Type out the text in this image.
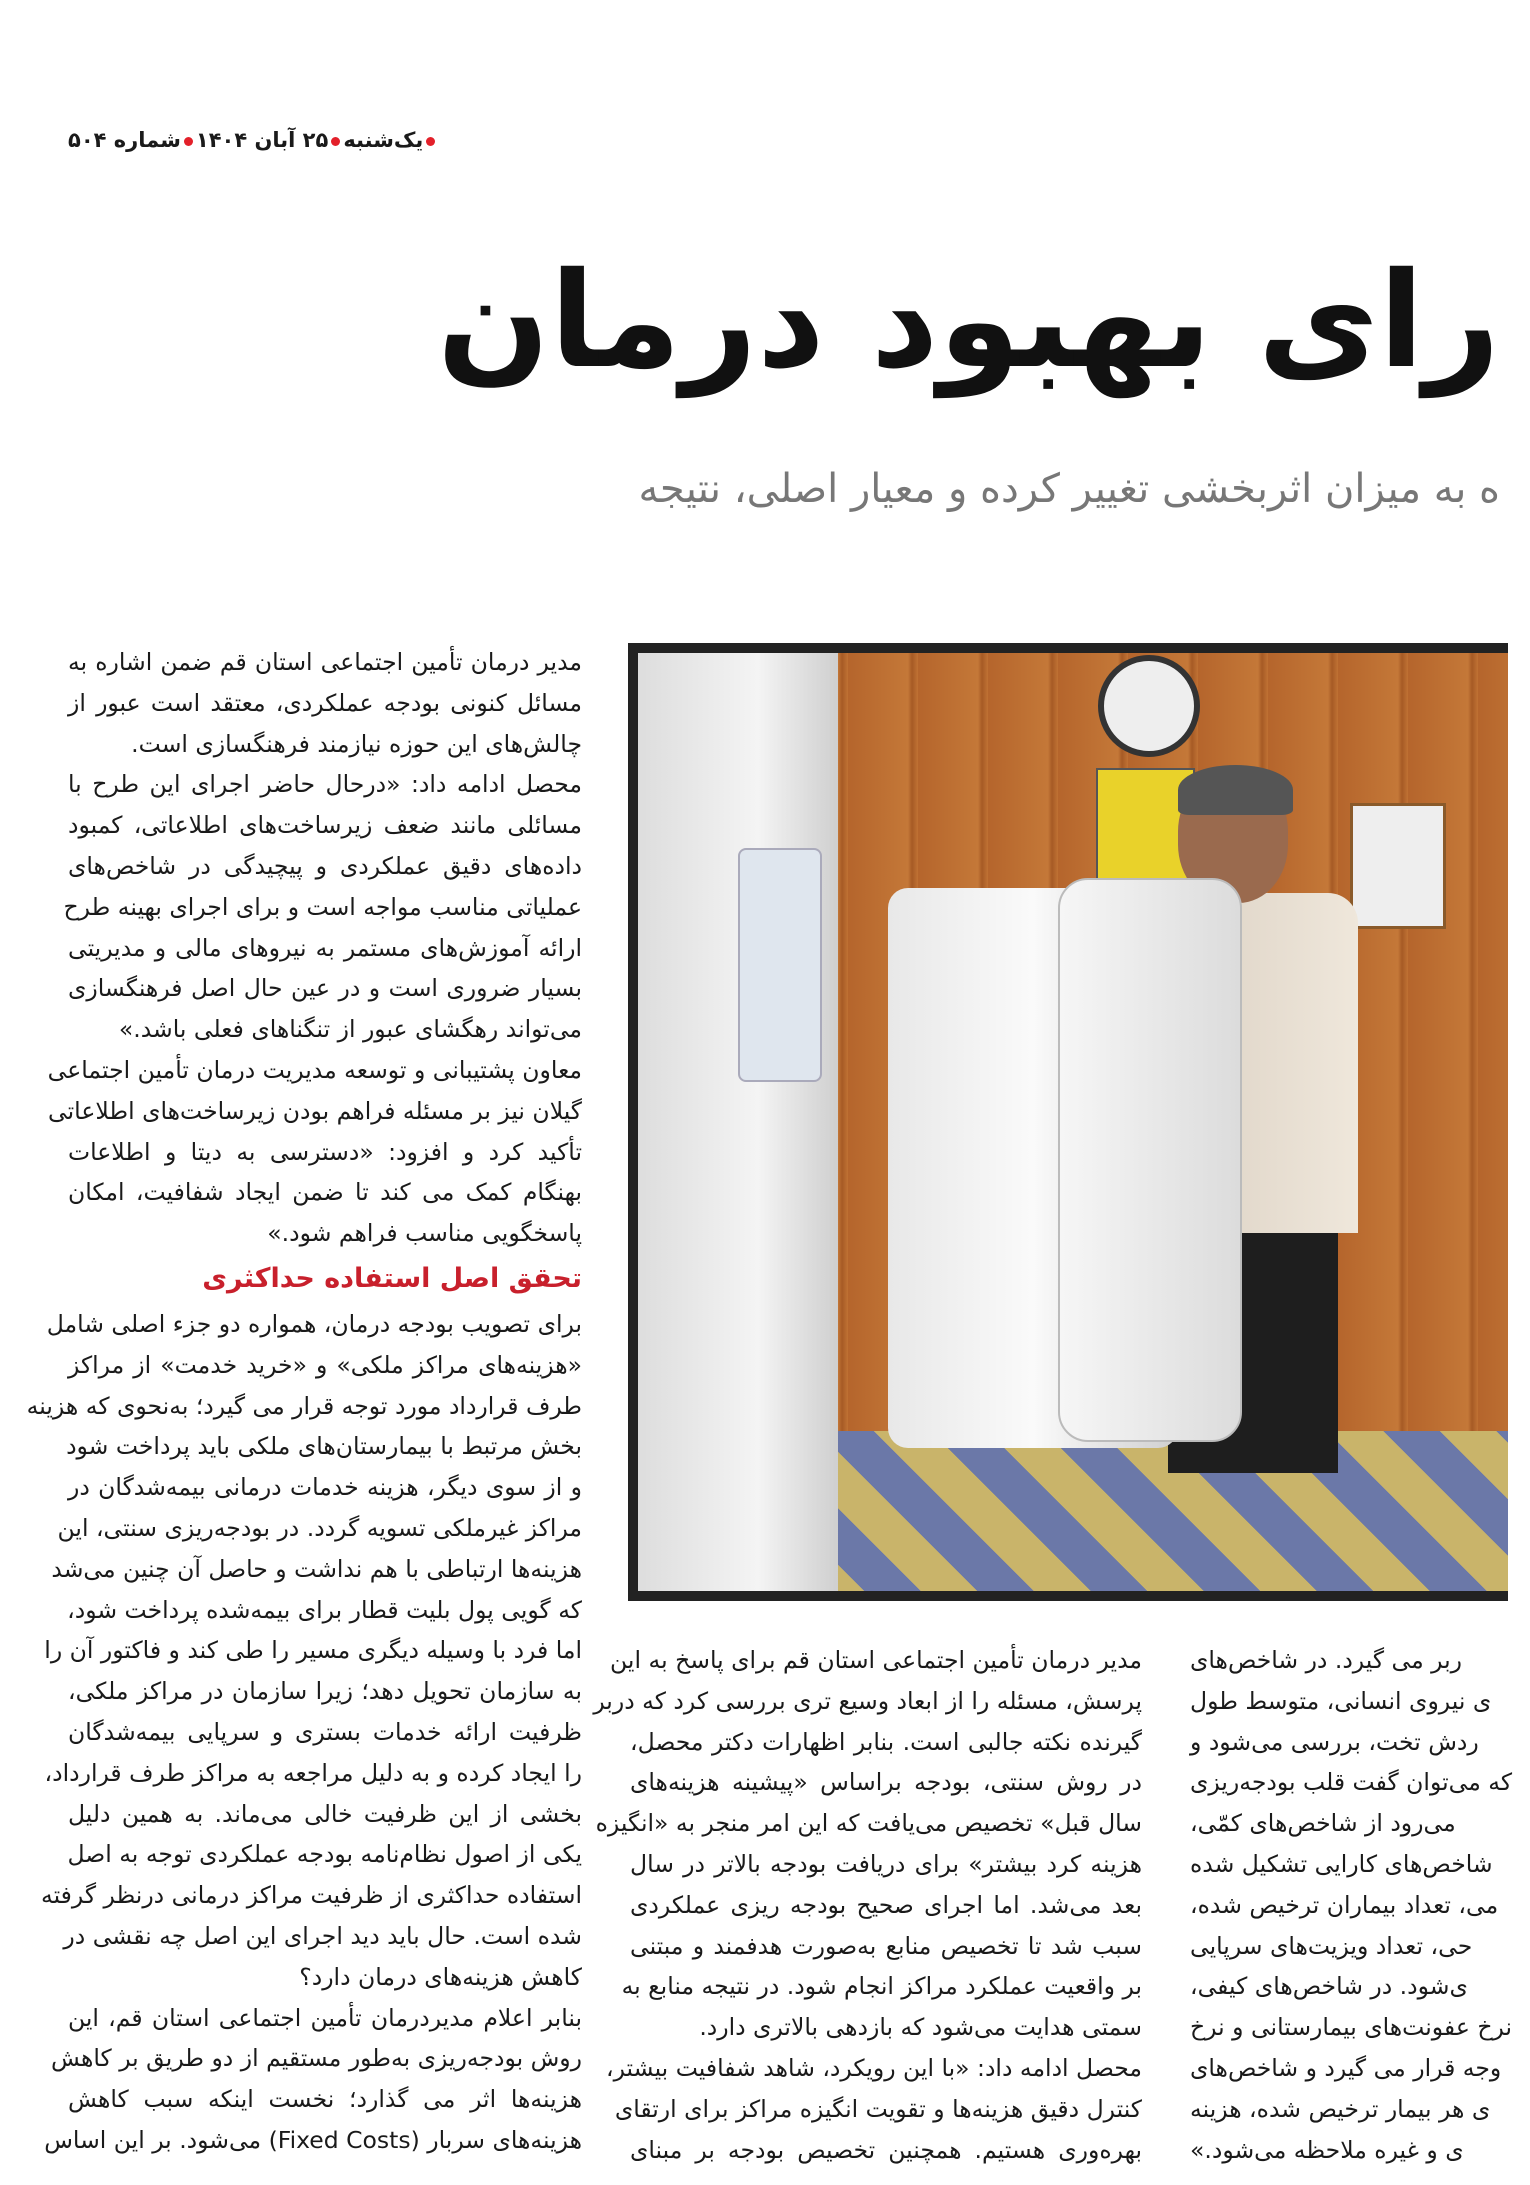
یک‌شنبه۲۵ آبان ۱۴۰۴شماره ۵۰۴
رای بهبود درمان
ه به میزان اثربخشی تغییر کرده و معیار اصلی، نتیجه
مدیر درمان تأمین اجتماعی استان قم ضمن اشاره به
مسائل کنونی بودجه عملکردی، معتقد است عبور از
چالش‌های این حوزه نیازمند فرهنگسازی است.
محصل ادامه داد: «درحال حاضر اجرای این طرح با
مسائلی مانند ضعف زیرساخت‌های اطلاعاتی، کمبود
داده‌های دقیق عملکردی و پیچیدگی در شاخص‌های
عملیاتی مناسب مواجه است و برای اجرای بهینه طرح
ارائه آموزش‌های مستمر به نیروهای مالی و مدیریتی
بسیار ضروری است و در عین حال اصل فرهنگسازی
می‌تواند رهگشای عبور از تنگناهای فعلی باشد.»
معاون پشتیبانی و توسعه مدیریت درمان تأمین اجتماعی
گیلان نیز بر مسئله فراهم بودن زیرساخت‌های اطلاعاتی
تأکید کرد و افزود: «دسترسی به دیتا و اطلاعات
بهنگام کمک می کند تا ضمن ایجاد شفافیت، امکان
پاسخگویی مناسب فراهم شود.»
تحقق اصل استفاده حداکثری
برای تصویب بودجه درمان، همواره دو جزء اصلی شامل
«هزینه‌های مراکز ملکی» و «خرید خدمت» از مراکز
طرف قرارداد مورد توجه قرار می گیرد؛ به‌نحوی که هزینه
بخش مرتبط با بیمارستان‌های ملکی باید پرداخت شود
و از سوی دیگر، هزینه خدمات درمانی بیمه‌شدگان در
مراکز غیرملکی تسویه گردد. در بودجه‌ریزی سنتی، این
هزینه‌ها ارتباطی با هم نداشت و حاصل آن چنین می‌شد
که گویی پول بلیت قطار برای بیمه‌شده پرداخت شود،
اما فرد با وسیله دیگری مسیر را طی کند و فاکتور آن را
به سازمان تحویل دهد؛ زیرا سازمان در مراکز ملکی،
ظرفیت ارائه خدمات بستری و سرپایی بیمه‌شدگان
را ایجاد کرده و به دلیل مراجعه به مراکز طرف قرارداد،
بخشی از این ظرفیت خالی می‌ماند. به همین دلیل
یکی از اصول نظام‌نامه بودجه عملکردی توجه به اصل
استفاده حداکثری از ظرفیت مراکز درمانی درنظر گرفته
شده است. حال باید دید اجرای این اصل چه نقشی در
کاهش هزینه‌های درمان دارد؟
بنابر اعلام مدیردرمان تأمین اجتماعی استان قم، این
روش بودجه‌ریزی به‌طور مستقیم از دو طریق بر کاهش
هزینه‌ها اثر می گذارد؛ نخست اینکه سبب کاهش
هزینه‌های سربار (Fixed Costs) می‌شود. بر این اساس
مدیر درمان تأمین اجتماعی استان قم برای پاسخ به این
پرسش، مسئله را از ابعاد وسیع تری بررسی کرد که دربر
گیرنده نکته جالبی است. بنابر اظهارات دکتر محصل،
در روش سنتی، بودجه براساس «پیشینه هزینه‌های
سال قبل» تخصیص می‌یافت که این امر منجر به «انگیزه
هزینه کرد بیشتر» برای دریافت بودجه بالاتر در سال
بعد می‌شد. اما اجرای صحیح بودجه ریزی عملکردی
سبب شد تا تخصیص منابع به‌صورت هدفمند و مبتنی
بر واقعیت عملکرد مراکز انجام شود. در نتیجه منابع به
سمتی هدایت می‌شود که بازدهی بالاتری دارد.
محصل ادامه داد: «با این رویکرد، شاهد شفافیت بیشتر،
کنترل دقیق هزینه‌ها و تقویت انگیزه مراکز برای ارتقای
بهره‌وری هستیم. همچنین تخصیص بودجه بر مبنای
ربر می گیرد. در شاخص‌های
ی نیروی انسانی، متوسط طول
ردش تخت، بررسی می‌شود و
که می‌توان گفت قلب بودجه‌ریزی
می‌رود از شاخص‌های کمّی،
شاخص‌های کارایی تشکیل شده
می، تعداد بیماران ترخیص شده،
حی، تعداد ویزیت‌های سرپایی
ی‌شود. در شاخص‌های کیفی،
نرخ عفونت‌های بیمارستانی و نرخ
وجه قرار می گیرد و شاخص‌های
ی هر بیمار ترخیص شده، هزینه
ی و غیره ملاحظه می‌شود.»
